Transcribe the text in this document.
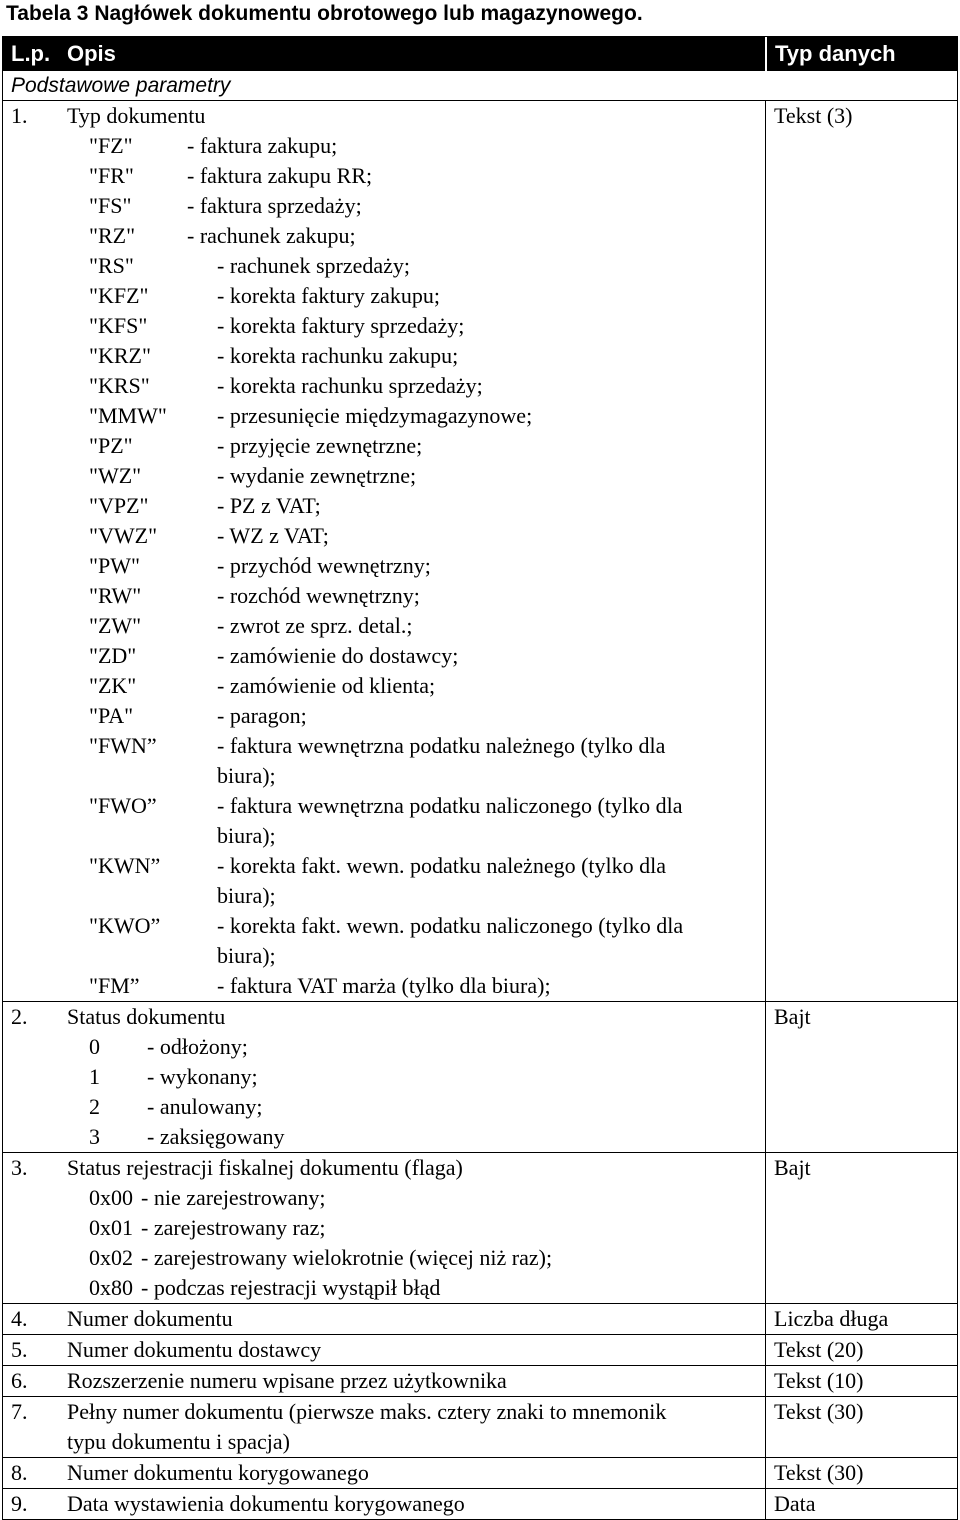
Tabela 3 Nagłówek dokumentu obrotowego lub magazynowego.
L.p. Opis	Typ danych
Podstawowe parametry
1.	Typ dokumentu
"FZ"	- faktura zakupu;
"FR"	- faktura zakupu RR;
"FS"	- faktura sprzedaży;
"RZ"	- rachunek zakupu;
"RS"	- rachunek sprzedaży;
"KFZ"	- korekta faktury zakupu;
"KFS"	- korekta faktury sprzedaży;
"KRZ"	- korekta rachunku zakupu;
"KRS"	- korekta rachunku sprzedaży;
"MMW"	- przesunięcie międzymagazynowe;
"PZ"	- przyjęcie zewnętrzne;
"WZ"	- wydanie zewnętrzne;
"VPZ"	- PZ z VAT;
"VWZ"	- WZ z VAT;
"PW"	- przychód wewnętrzny;
"RW"	- rozchód wewnętrzny;
"ZW"	- zwrot ze sprz. detal.;
"ZD"	- zamówienie do dostawcy;
"ZK"	- zamówienie od klienta;
"PA"	- paragon;
"FWN”	- faktura wewnętrzna podatku należnego (tylko dla
biura);
"FWO”	- faktura wewnętrzna podatku naliczonego (tylko dla
biura);
"KWN”	- korekta fakt. wewn. podatku należnego (tylko dla
biura);
"KWO”	- korekta fakt. wewn. podatku naliczonego (tylko dla
biura);
"FM”	- faktura VAT marża (tylko dla biura);
Tekst (3)
2.	Status dokumentu
0	- odłożony;
1	- wykonany;
2	- anulowany;
3	- zaksięgowany
Bajt
3.	Status rejestracji fiskalnej dokumentu (flaga)
0x00 - nie zarejestrowany;
0x01 - zarejestrowany raz;
0x02 - zarejestrowany wielokrotnie (więcej niż raz);
0x80 - podczas rejestracji wystąpił błąd
Bajt
4.	Numer dokumentu	Liczba długa
5.	Numer dokumentu dostawcy	Tekst (20)
6.	Rozszerzenie numeru wpisane przez użytkownika	Tekst (10)
7.	Pełny numer dokumentu (pierwsze maks. cztery znaki to mnemonik
typu dokumentu i spacja)
Tekst (30)
8.	Numer dokumentu korygowanego	Tekst (30)
9.	Data wystawienia dokumentu korygowanego	Data
